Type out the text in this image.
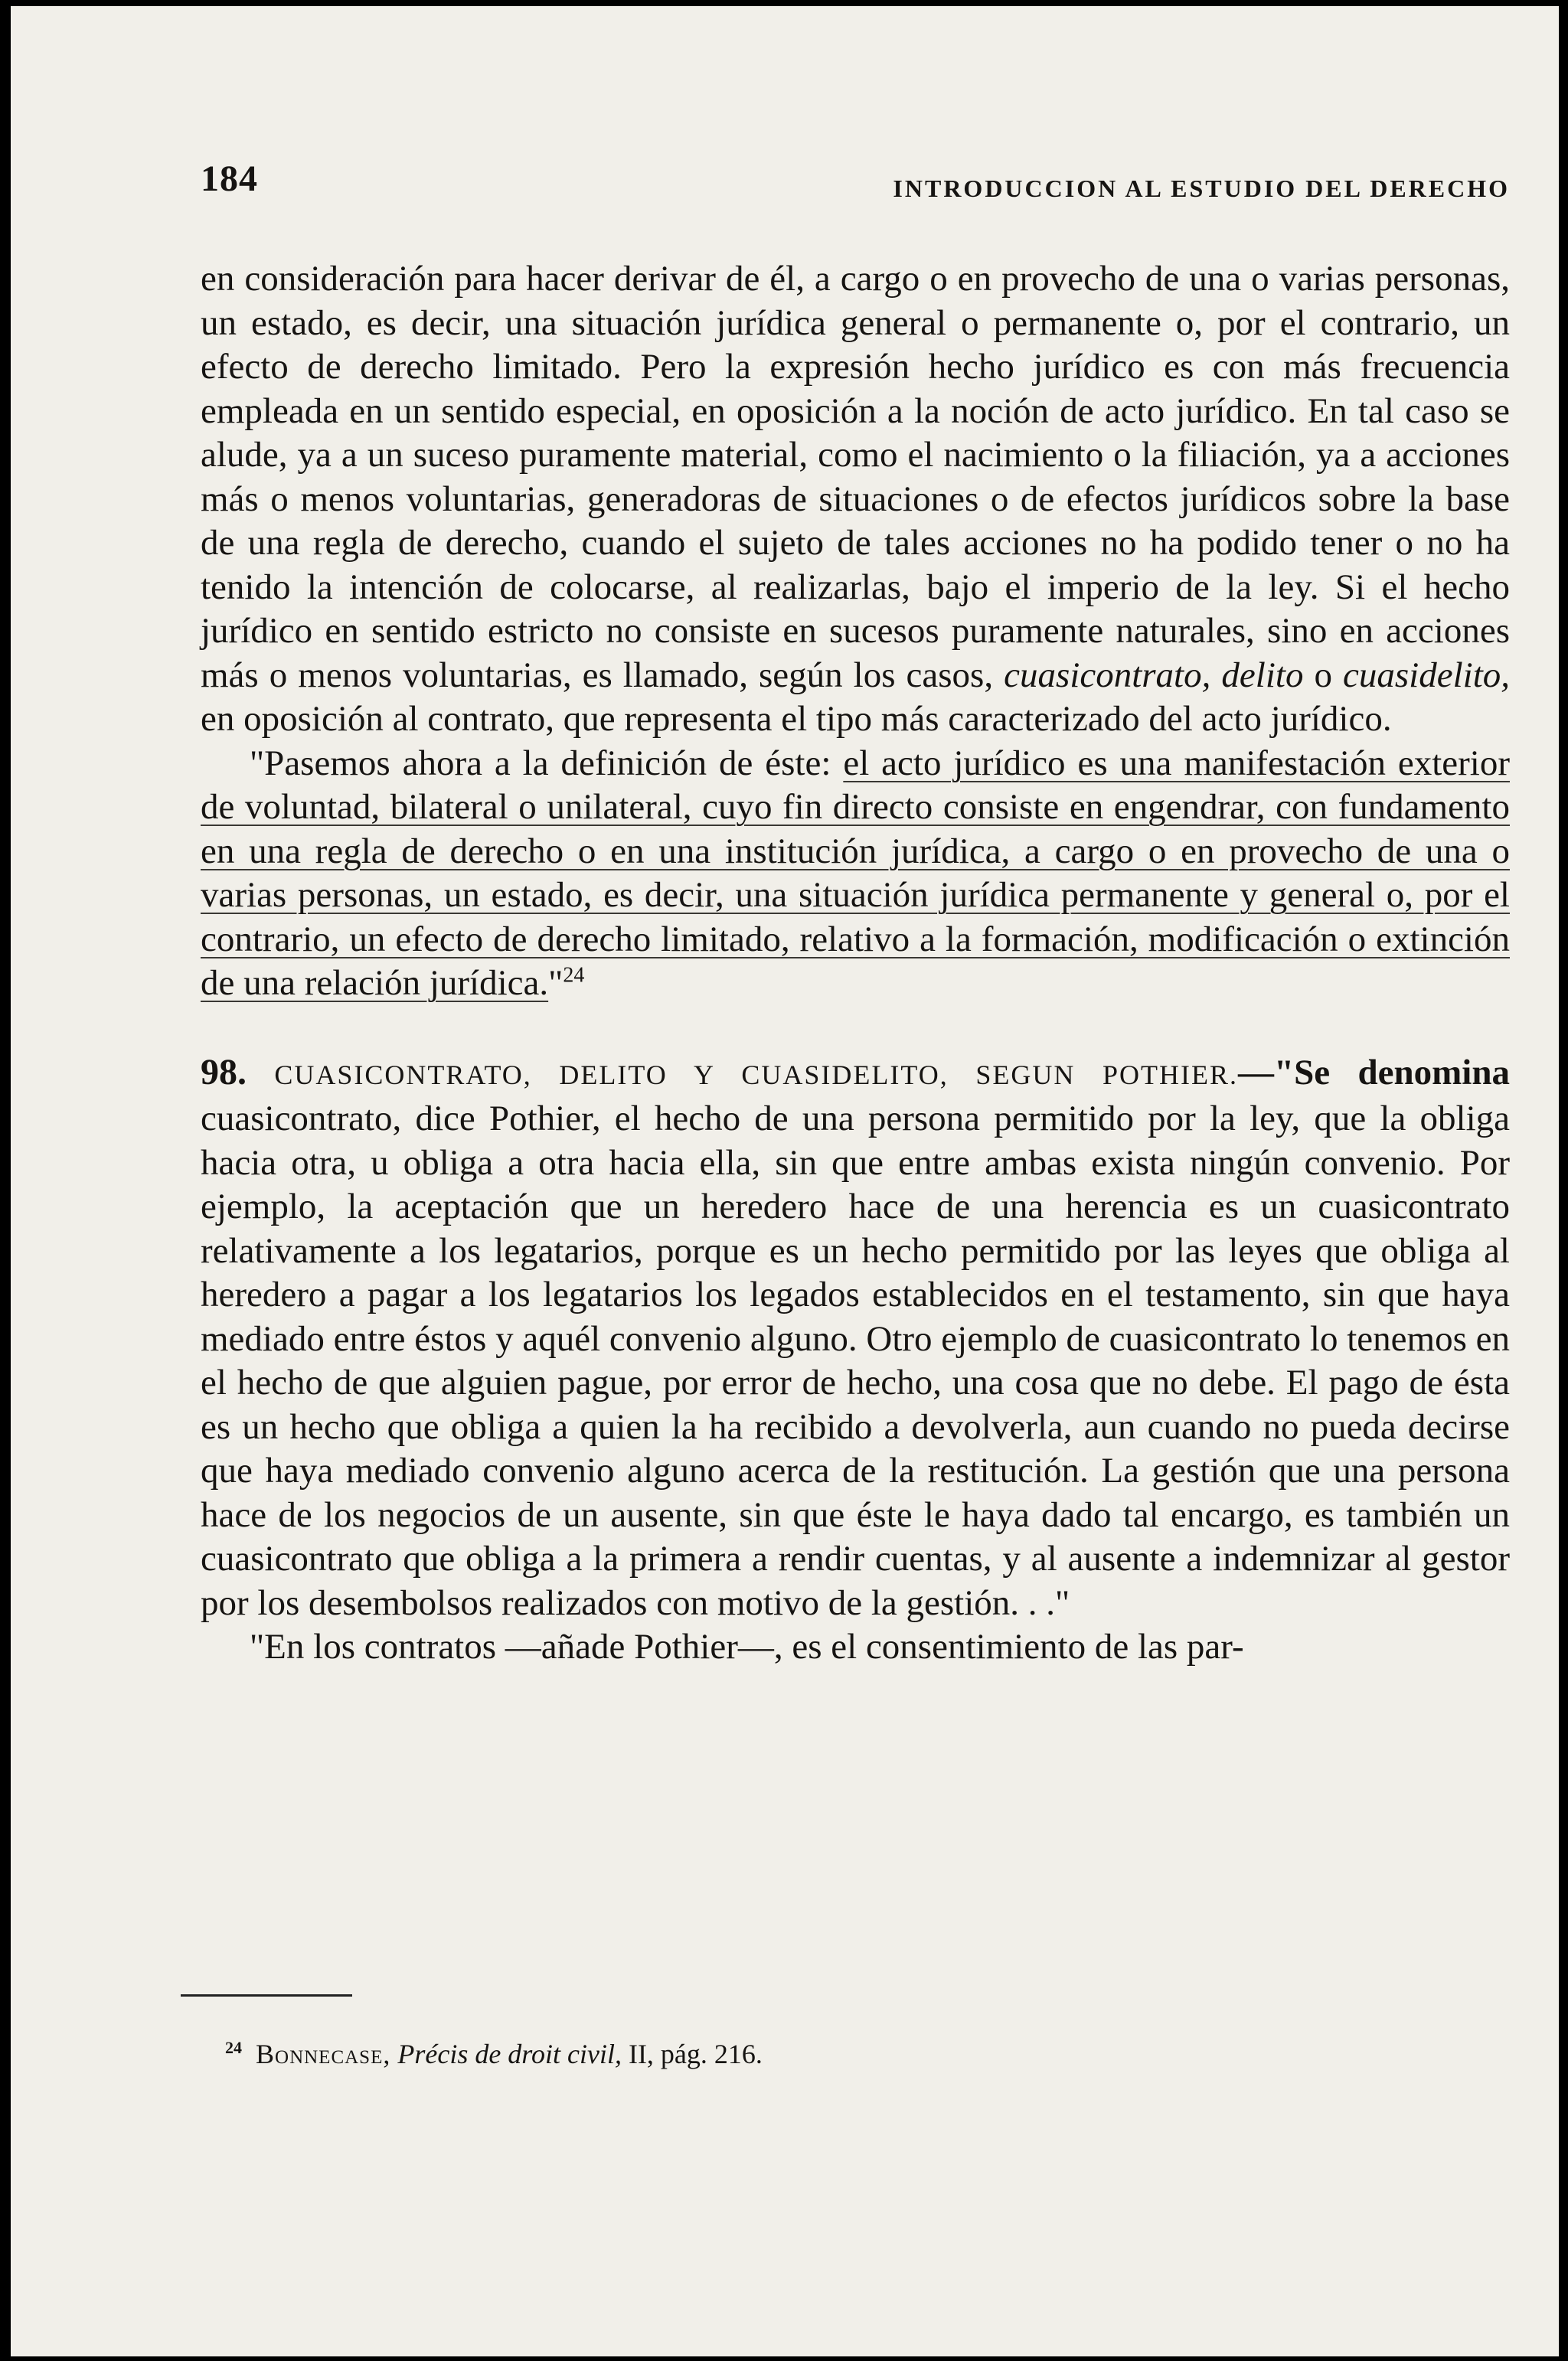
184	INTRODUCCION AL ESTUDIO DEL DERECHO

en consideración para hacer derivar de él, a cargo o en provecho de una o varias personas, un estado, es decir, una situación jurídica general o permanente o, por el contrario, un efecto de derecho limitado. Pero la expresión hecho jurídico es con más frecuencia empleada en un sentido especial, en oposición a la noción de acto jurídico. En tal caso se alude, ya a un suceso puramente material, como el nacimiento o la filiación, ya a acciones más o menos voluntarias, generadoras de situaciones o de efectos jurídicos sobre la base de una regla de derecho, cuando el sujeto de tales acciones no ha podido tener o no ha tenido la intención de colocarse, al realizarlas, bajo el imperio de la ley. Si el hecho jurídico en sentido estricto no consiste en sucesos puramente naturales, sino en acciones más o menos voluntarias, es llamado, según los casos, cuasicontrato, delito o cuasidelito, en oposición al contrato, que representa el tipo más caracterizado del acto jurídico.

"Pasemos ahora a la definición de éste: el acto jurídico es una manifestación exterior de voluntad, bilateral o unilateral, cuyo fin directo consiste en engendrar, con fundamento en una regla de derecho o en una institución jurídica, a cargo o en provecho de una o varias personas, un estado, es decir, una situación jurídica permanente y general o, por el contrario, un efecto de derecho limitado, relativo a la formación, modificación o extinción de una relación jurídica."$^{24}$

98. CUASICONTRATO, DELITO Y CUASIDELITO, SEGUN POTHIER.—"Se denomina cuasicontrato, dice Pothier, el hecho de una persona permitido por la ley, que la obliga hacia otra, u obliga a otra hacia ella, sin que entre ambas exista ningún convenio. Por ejemplo, la aceptación que un heredero hace de una herencia es un cuasicontrato relativamente a los legatarios, porque es un hecho permitido por las leyes que obliga al heredero a pagar a los legatarios los legados establecidos en el testamento, sin que haya mediado entre éstos y aquél convenio alguno. Otro ejemplo de cuasicontrato lo tenemos en el hecho de que alguien pague, por error de hecho, una cosa que no debe. El pago de ésta es un hecho que obliga a quien la ha recibido a devolverla, aun cuando no pueda decirse que haya mediado convenio alguno acerca de la restitución. La gestión que una persona hace de los negocios de un ausente, sin que éste le haya dado tal encargo, es también un cuasicontrato que obliga a la primera a rendir cuentas, y al ausente a indemnizar al gestor por los desembolsos realizados con motivo de la gestión. . ."

"En los contratos —añade Pothier—, es el consentimiento de las par-

$^{24}$ Bonnecase, Précis de droit civil, II, pág. 216.
